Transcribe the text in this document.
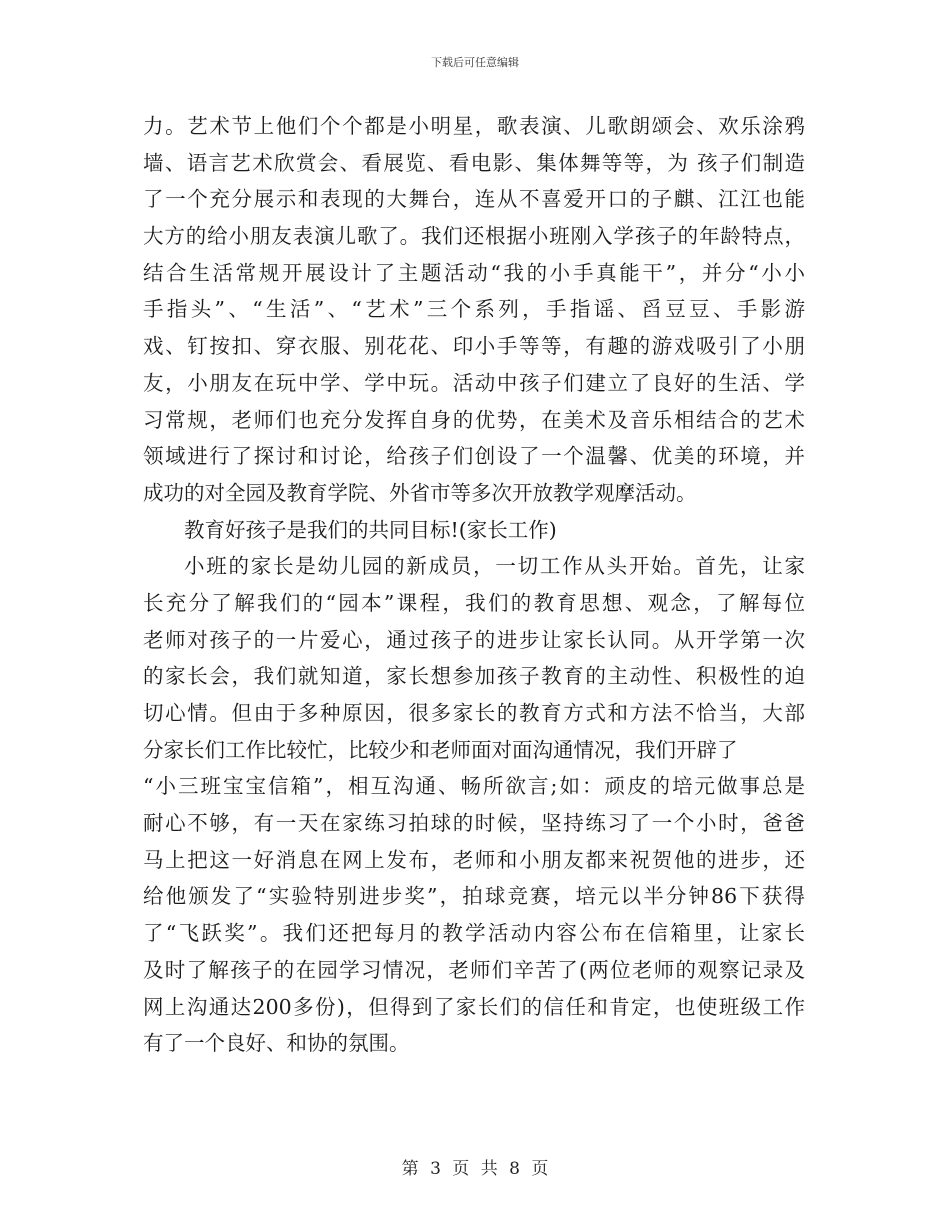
下载后可任意编辑
力。艺术节上他们个个都是小明星，歌表演、儿歌朗颂会、欢乐涂鸦
墙、语言艺术欣赏会、看展览、看电影、集体舞等等，为 孩子们制造
了一个充分展示和表现的大舞台，连从不喜爱开口的子麒、江江也能
大方的给小朋友表演儿歌了。我们还根据小班刚入学孩子的年龄特点，
结合生活常规开展设计了主题活动“我的小手真能干”，并分“小小
手指头”、“生活”、“艺术”三个系列，手指谣、舀豆豆、手影游
戏、钉按扣、穿衣服、别花花、印小手等等，有趣的游戏吸引了小朋
友，小朋友在玩中学、学中玩。活动中孩子们建立了良好的生活、学
习常规，老师们也充分发挥自身的优势，在美术及音乐相结合的艺术
领域进行了探讨和讨论，给孩子们创设了一个温馨、优美的环境，并
成功的对全园及教育学院、外省市等多次开放教学观摩活动。
教育好孩子是我们的共同目标!(家长工作)
小班的家长是幼儿园的新成员，一切工作从头开始。首先，让家
长充分了解我们的“园本”课程，我们的教育思想、观念，了解每位
老师对孩子的一片爱心，通过孩子的进步让家长认同。从开学第一次
的家长会，我们就知道，家长想参加孩子教育的主动性、积极性的迫
切心情。但由于多种原因，很多家长的教育方式和方法不恰当，大部
分家长们工作比较忙，比较少和老师面对面沟通情况，我们开辟了
“小三班宝宝信箱”，相互沟通、畅所欲言;如：顽皮的培元做事总是
耐心不够，有一天在家练习拍球的时候，坚持练习了一个小时，爸爸
马上把这一好消息在网上发布，老师和小朋友都来祝贺他的进步，还
给他颁发了“实验特别进步奖”，拍球竞赛，培元以半分钟86下获得
了“飞跃奖”。我们还把每月的教学活动内容公布在信箱里，让家长
及时了解孩子的在园学习情况，老师们辛苦了(两位老师的观察记录及
网上沟通达200多份)，但得到了家长们的信任和肯定，也使班级工作
有了一个良好、和协的氛围。
第 3 页 共 8 页
